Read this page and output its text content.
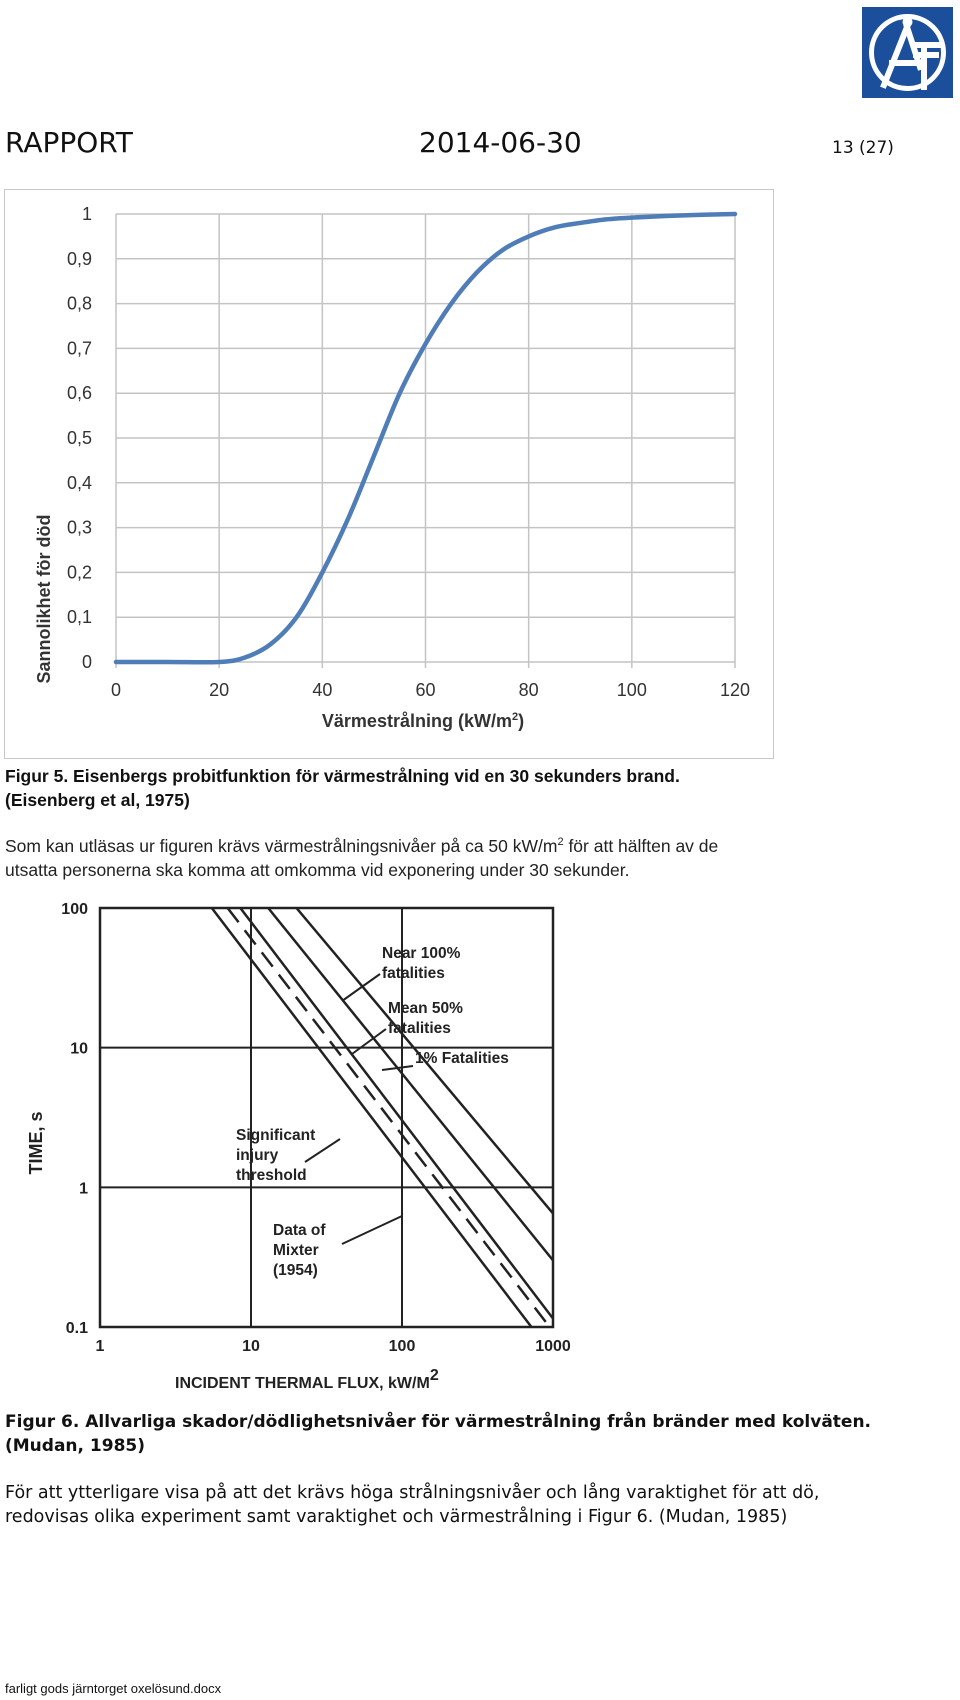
RAPPORT	2014-06-30	13 (27)
0	20	40	60	80	100	120
0
0,1
0,2
0,3
0,4
0,5
0,6
0,7
0,8
0,9
1
Sannolikhet för död
Värmestrålning $(kW/m^2)$
Figur 5. Eisenbergs probitfunktion för värmestrålning vid en 30 sekunders brand.
(Eisenberg et al, 1975)
Som kan utläsas ur figuren krävs värmestrålningsnivåer på ca 50 $kW/m^2$ för att hälften av de
utsatta personerna ska komma att omkomma vid exponering under 30 sekunder.
1	10	100	1000
0.1
1
10
100
Near 100% fatalities
Mean 50% fatalities
1% Fatalities
Significant injury threshold
Data of Mixter (1954)
TIME, s
INCIDENT THERMAL FLUX, kW/M2
Figur 6. Allvarliga skador/dödlighetsnivåer för värmestrålning från bränder med kolväten.
(Mudan, 1985)
För att ytterligare visa på att det krävs höga strålningsnivåer och lång varaktighet för att dö,
redovisas olika experiment samt varaktighet och värmestrålning i Figur 6. (Mudan, 1985)
farligt gods järntorget oxelösund.docx
